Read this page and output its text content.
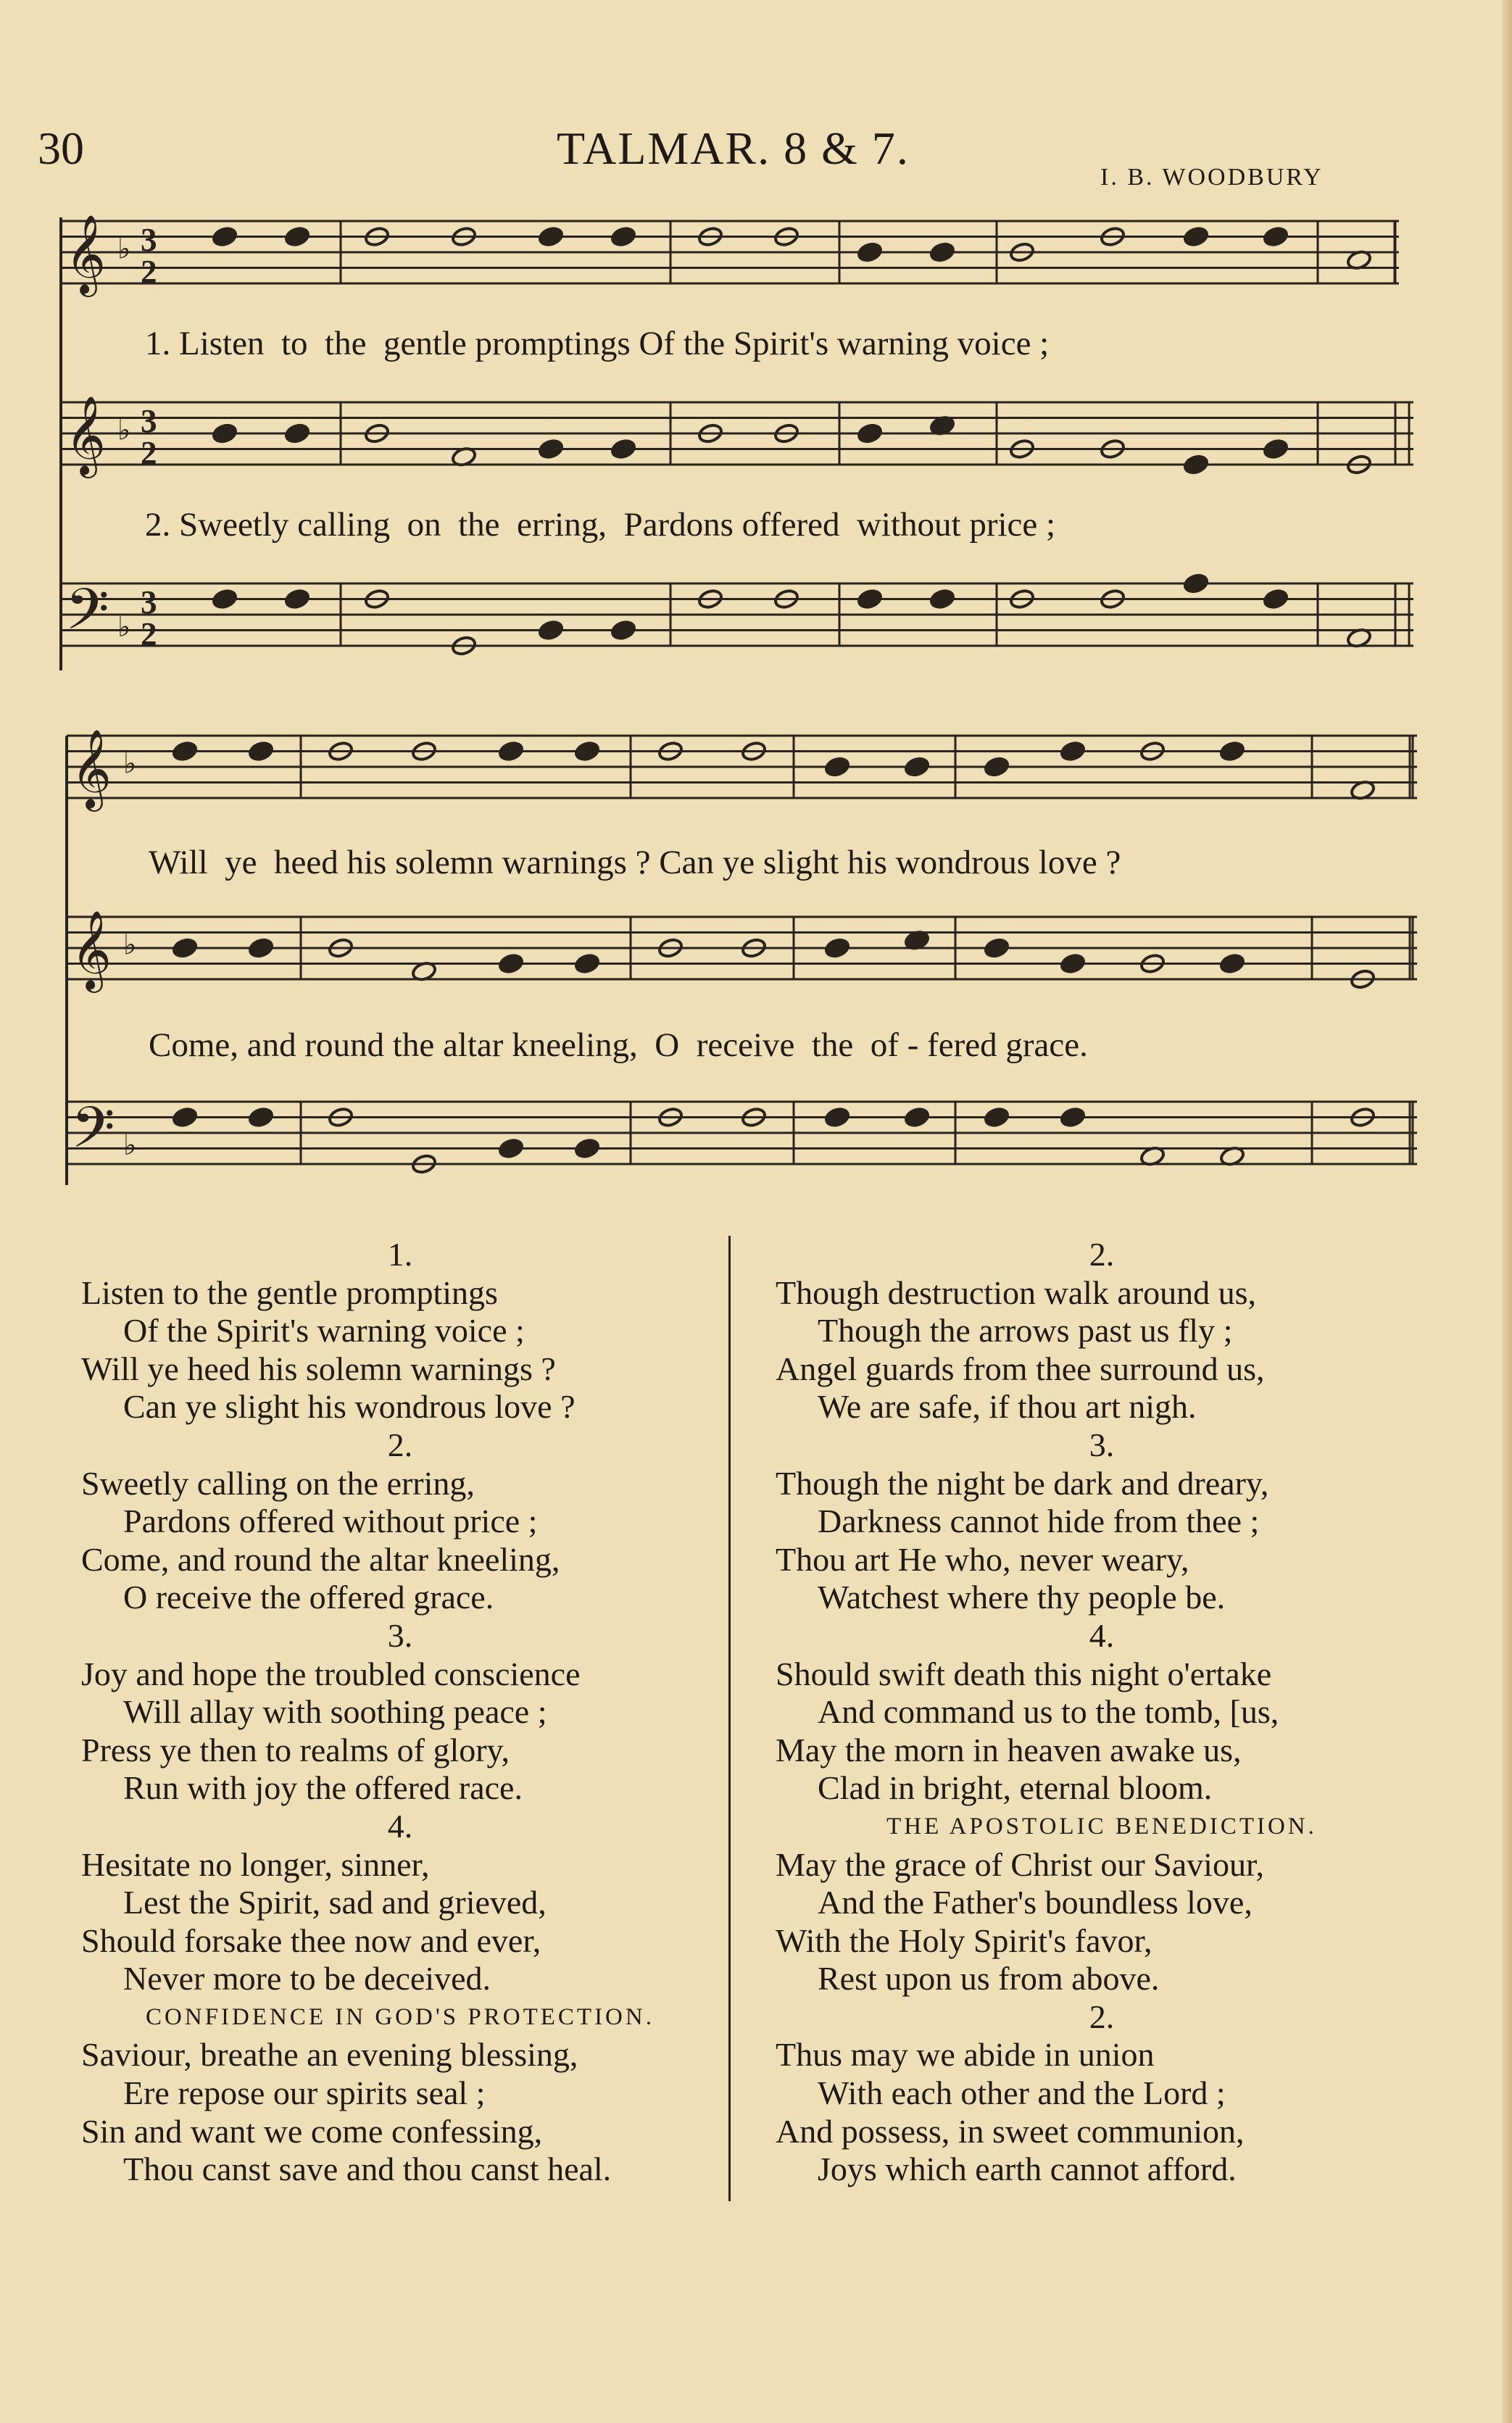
30	TALMAR. 8 & 7.
I. B. WOODBURY
𝄞 ♭ 3
2
𝄞 ♭ 3
2
𝄢 ♭
3
2
𝄞 ♭
𝄞 ♭
𝄢 ♭
1. Listen  to  the  gentle promptings Of the Spirit's warning voice ;
2. Sweetly calling  on  the  erring,  Pardons offered  without price ;
Will  ye  heed his solemn warnings ? Can ye slight his wondrous love ?
Come, and round the altar kneeling,  O  receive  the  of - fered grace.
1.
Listen to the gentle promptings
Of the Spirit's warning voice ;
Will ye heed his solemn warnings ?
Can ye slight his wondrous love ?
2.
Sweetly calling on the erring,
Pardons offered without price ;
Come, and round the altar kneeling,
O receive the offered grace.
3.
Joy and hope the troubled conscience
Will allay with soothing peace ;
Press ye then to realms of glory,
Run with joy the offered race.
4.
Hesitate no longer, sinner,
Lest the Spirit, sad and grieved,
Should forsake thee now and ever,
Never more to be deceived.
CONFIDENCE IN GOD'S PROTECTION.
Saviour, breathe an evening blessing,
Ere repose our spirits seal ;
Sin and want we come confessing,
Thou canst save and thou canst heal.
2.
Though destruction walk around us,
Though the arrows past us fly ;
Angel guards from thee surround us,
We are safe, if thou art nigh.
3.
Though the night be dark and dreary,
Darkness cannot hide from thee ;
Thou art He who, never weary,
Watchest where thy people be.
4.
Should swift death this night o'ertake
And command us to the tomb, [us,
May the morn in heaven awake us,
Clad in bright, eternal bloom.
THE APOSTOLIC BENEDICTION.
May the grace of Christ our Saviour,
And the Father's boundless love,
With the Holy Spirit's favor,
Rest upon us from above.
2.
Thus may we abide in union
With each other and the Lord ;
And possess, in sweet communion,
Joys which earth cannot afford.
